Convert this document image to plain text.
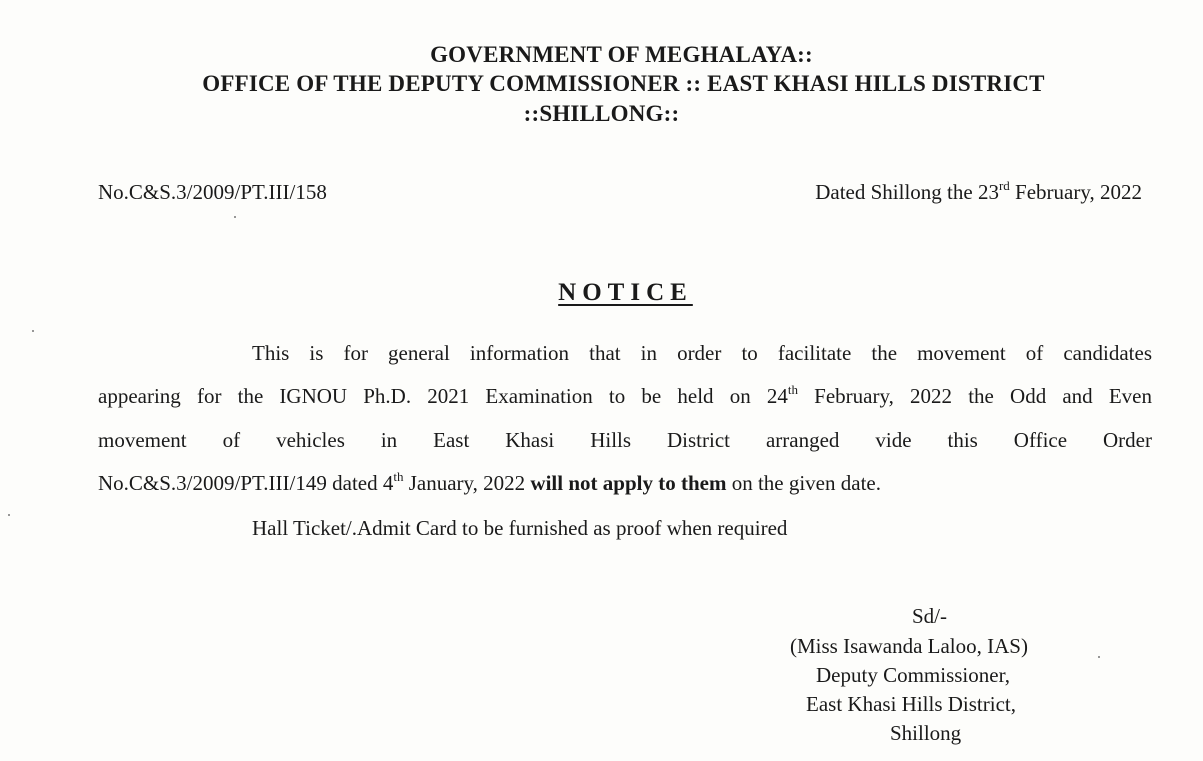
GOVERNMENT OF MEGHALAYA::
OFFICE OF THE DEPUTY COMMISSIONER :: EAST KHASI HILLS DISTRICT
::SHILLONG::
No.C&S.3/2009/PT.III/158	Dated Shillong the 23rd February, 2022
NOTICE
This is for general information that in order to facilitate the movement of candidates
appearing for the IGNOU Ph.D. 2021 Examination to be held on 24th February, 2022 the Odd and Even
movement of vehicles in East Khasi Hills District arranged vide this Office Order
No.C&S.3/2009/PT.III/149 dated 4th January, 2022 will not apply to them on the given date.
Hall Ticket/.Admit Card to be furnished as proof when required
Sd/-
(Miss Isawanda Laloo, IAS)
Deputy Commissioner,
East Khasi Hills District,
Shillong
